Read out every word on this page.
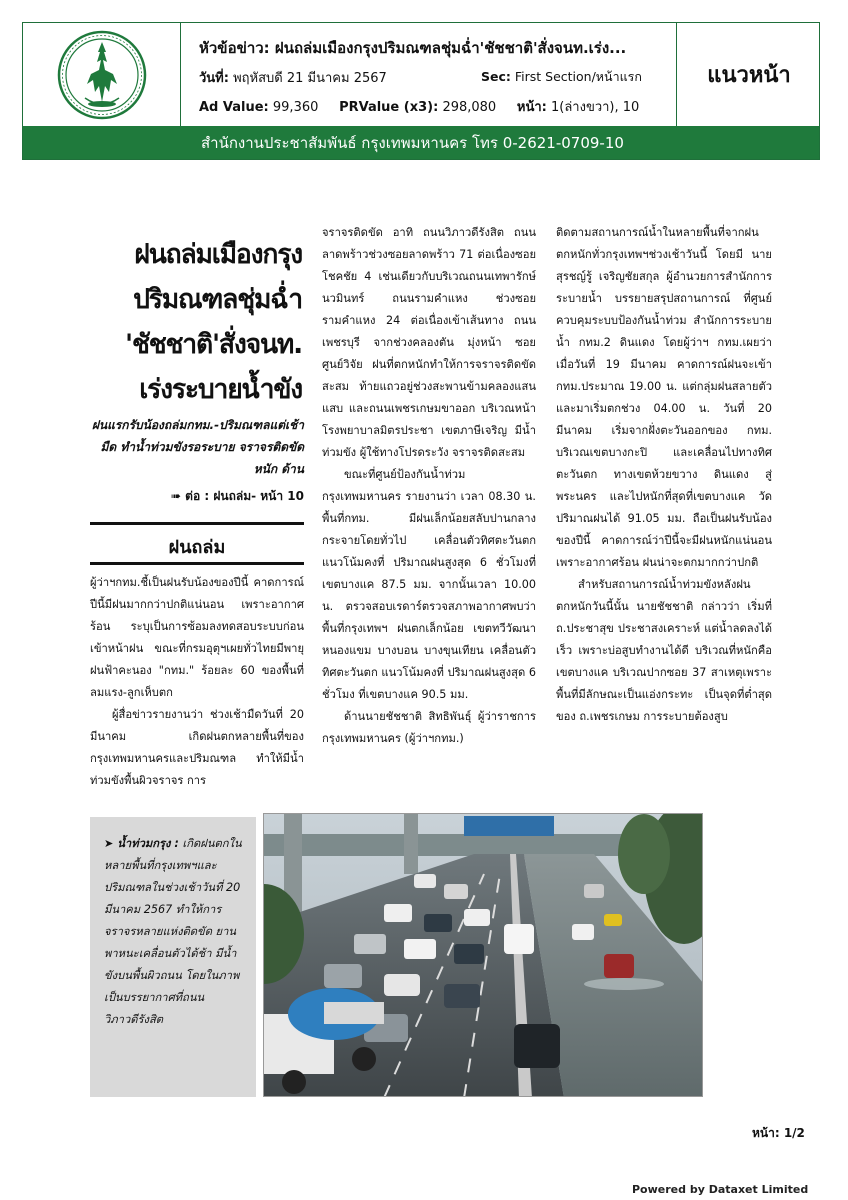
หัวข้อข่าว: ฝนถล่มเมืองกรุงปริมณฑลชุ่มฉ่ำ'ชัชชาติ'สั่งจนท.เร่ง...
วันที่: พฤหัสบดี 21 มีนาคม 2567	Sec: First Section/หน้าแรก
Ad Value: 99,360 PRValue (x3): 298,080 หน้า: 1(ล่างขวา), 10
แนวหน้า
สำนักงานประชาสัมพันธ์ กรุงเทพมหานคร โทร 0-2621-0709-10
ฝนถล่มเมืองกรุง ปริมณฑลชุ่มฉ่ำ 'ชัชชาติ'สั่งจนท. เร่งระบายน้ำขัง
ฝนแรกรับน้องถล่มกทม.-ปริมณฑลแต่เช้ามืด ทำน้ำท่วมขังรอระบาย จราจรติดขัดหนัก ด้าน
➠ ต่อ : ฝนถล่ม- หน้า 10
ฝนถล่ม

ผู้ว่าฯกทม.ชี้เป็นฝนรับน้องของปีนี้ คาดการณ์ปีนี้มีฝนมากกว่าปกติแน่นอน เพราะอากาศร้อน ระบุเป็นการซ้อมลงทดสอบระบบก่อนเข้าหน้าฝน ขณะที่กรมอุตุฯเผยทั่วไทยมีพายุฝนฟ้าคะนอง "กทม." ร้อยละ 60 ของพื้นที่ ลมแรง-ลูกเห็บตก

ผู้สื่อข่าวรายงานว่า ช่วงเช้ามืดวันที่ 20 มีนาคม เกิดฝนตกหลายพื้นที่ของกรุงเทพมหานครและปริมณฑล ทำให้มีน้ำท่วมขังพื้นผิวจราจร การ

จราจรติดขัด อาทิ ถนนวิภาวดีรังสิต ถนนลาดพร้าวช่วงซอยลาดพร้าว 71 ต่อเนื่องซอยโชคชัย 4 เช่นเดียวกับบริเวณถนนเทพารักษ์นวมินทร์ ถนนรามคำแหง ช่วงซอยรามคำแหง 24 ต่อเนื่องเข้าเส้นทาง ถนนเพชรบุรี จากช่วงคลองตัน มุ่งหน้า ซอยศูนย์วิจัย ฝนที่ตกหนักทำให้การจราจรติดขัดสะสม ท้ายแถวอยู่ช่วงสะพานข้ามคลองแสนแสบ และถนนเพชรเกษมขาออก บริเวณหน้าโรงพยาบาลมิตรประชา เขตภาษีเจริญ มีน้ำท่วมขัง ผู้ใช้ทางโปรดระวัง จราจรติดสะสม

ขณะที่ศูนย์ป้องกันน้ำท่วม กรุงเทพมหานคร รายงานว่า เวลา 08.30 น. พื้นที่กทม. มีฝนเล็กน้อยสลับปานกลางกระจายโดยทั่วไป เคลื่อนตัวทิศตะวันตก แนวโน้มคงที่ ปริมาณฝนสูงสุด 6 ชั่วโมงที่เขตบางแค 87.5 มม. จากนั้นเวลา 10.00 น. ตรวจสอบเรดาร์ตรวจสภาพอากาศพบว่า พื้นที่กรุงเทพฯ ฝนตกเล็กน้อย เขตทวีวัฒนา หนองแขม บางบอน บางขุนเทียน เคลื่อนตัวทิศตะวันตก แนวโน้มคงที่ ปริมาณฝนสูงสุด 6 ชั่วโมง ที่เขตบางแค 90.5 มม.

ด้านนายชัชชาติ สิทธิพันธุ์ ผู้ว่าราชการกรุงเทพมหานคร (ผู้ว่าฯกทม.)

ติดตามสถานการณ์น้ำในหลายพื้นที่จากฝนตกหนักทั่วกรุงเทพฯช่วงเช้าวันนี้ โดยมี นายสุรชญ์รู้ เจริญชัยสกุล ผู้อำนวยการสำนักการระบายน้ำ บรรยายสรุปสถานการณ์ ที่ศูนย์ควบคุมระบบป้องกันน้ำท่วม สำนักการระบายน้ำ กทม.2 ดินแดง โดยผู้ว่าฯ กทม.เผยว่า เมื่อวันที่ 19 มีนาคม คาดการณ์ฝนจะเข้า กทม.ประมาณ 19.00 น. แต่กลุ่มฝนสลายตัวและมาเริ่มตกช่วง 04.00 น. วันที่ 20 มีนาคม เริ่มจากฝั่งตะวันออกของ กทม. บริเวณเขตบางกะปิ และเคลื่อนไปทางทิศตะวันตก ทางเขตห้วยขวาง ดินแดง สู่พระนคร และไปหนักที่สุดที่เขตบางแค วัดปริมาณฝนได้ 91.05 มม. ถือเป็นฝนรับน้องของปีนี้ คาดการณ์ว่าปีนี้จะมีฝนหนักแน่นอน เพราะอากาศร้อน ฝนน่าจะตกมากกว่าปกติ

สำหรับสถานการณ์น้ำท่วมขังหลังฝนตกหนักวันนี้นั้น นายชัชชาติ กล่าวว่า เริ่มที่ถ.ประชาสุข ประชาสงเคราะห์ แต่น้ำลดลงได้เร็ว เพราะบ่อสูบทำงานได้ดี บริเวณที่หนักคือเขตบางแค บริเวณปากซอย 37 สาเหตุเพราะพื้นที่มีลักษณะเป็นแอ่งกระทะ เป็นจุดที่ต่ำสุดของ ถ.เพชรเกษม การระบายต้องสูบ

➤ น้ำท่วมกรุง : เกิดฝนตกในหลายพื้นที่กรุงเทพฯและปริมณฑลในช่วงเช้าวันที่ 20 มีนาคม 2567 ทำให้การจราจรหลายแห่งติดขัด ยานพาหนะเคลื่อนตัวได้ช้า มีน้ำขังบนพื้นผิวถนน โดยในภาพเป็นบรรยากาศที่ถนนวิภาวดีรังสิต
หน้า: 1/2
Powered by Dataxet Limited
